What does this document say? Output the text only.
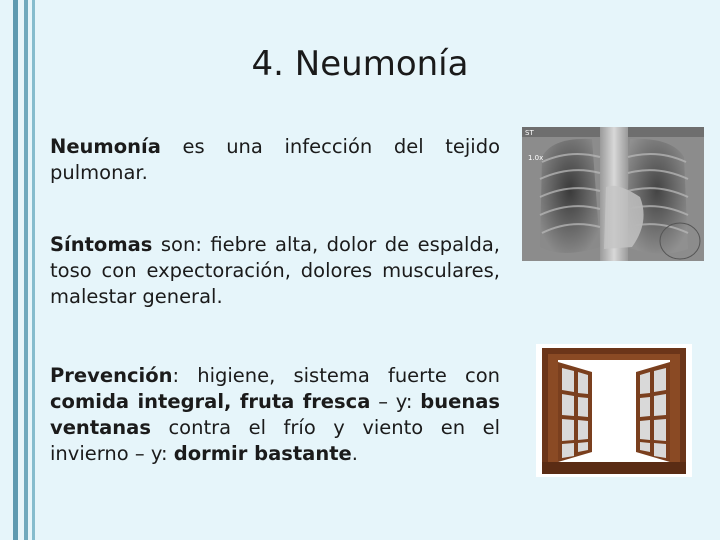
4. Neumonía
Neumonía es una infección del tejido pulmonar.
Síntomas son: fiebre alta, dolor de espalda, toso con expectoración, dolores musculares, malestar general.
Prevención: higiene, sistema fuerte con comida integral, fruta fresca – y: buenas ventanas contra el frío y viento en el invierno – y: dormir bastante.
ST
1.0x
